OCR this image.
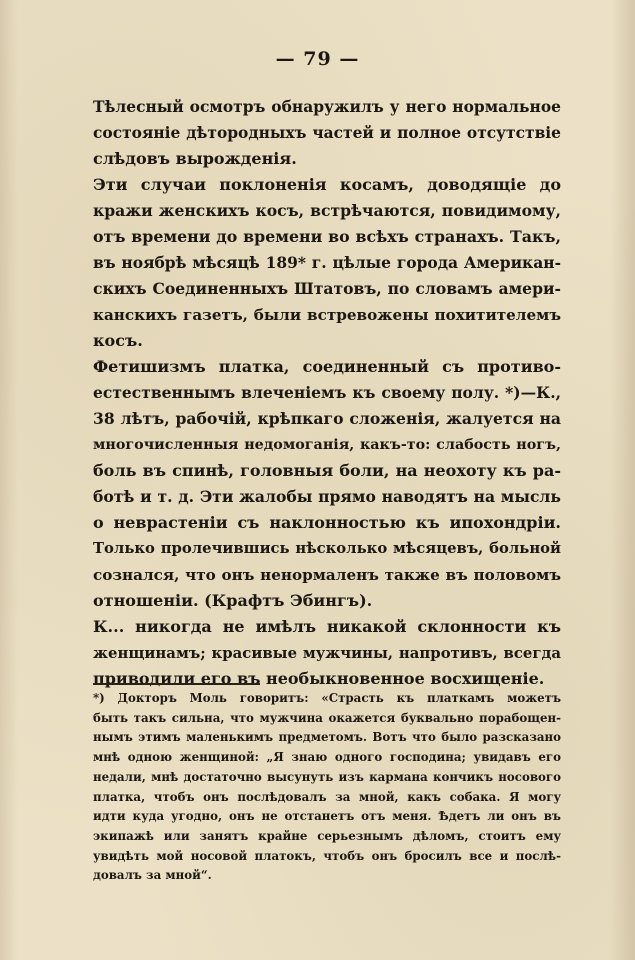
— 79 —
Тѣлесный осмотръ обнаружилъ у него нормальное
состояніе дѣтородныхъ частей и полное отсутствіе
слѣдовъ вырожденія.
Эти случаи поклоненія косамъ, доводящіе до
кражи женскихъ косъ, встрѣчаются, повидимому,
отъ времени до времени во всѣхъ странахъ. Такъ,
въ ноябрѣ мѣсяцѣ 189* г. цѣлые города Американ-
скихъ Соединенныхъ Штатовъ, по словамъ амери-
канскихъ газетъ, были встревожены похитителемъ
косъ.
Фетишизмъ платка, соединенный съ противо-
естественнымъ влеченіемъ къ своему полу. *)—К.,
38 лѣтъ, рабочій, крѣпкаго сложенія, жалуется на
многочисленныя недомоганія, какъ-то: слабость ногъ,
боль въ спинѣ, головныя боли, на неохоту къ ра-
ботѣ и т. д. Эти жалобы прямо наводятъ на мысль
о неврастеніи съ наклонностью къ ипохондріи.
Только пролечившись нѣсколько мѣсяцевъ, больной
сознался, что онъ ненормаленъ также въ половомъ
отношеніи. (Крафтъ Эбингъ).
К... никогда не имѣлъ никакой склонности къ
женщинамъ; красивые мужчины, напротивъ, всегда
приводили его въ необыкновенное восхищеніе.
*) Докторъ Моль говоритъ: «Страсть къ платкамъ можетъ
быть такъ сильна, что мужчина окажется буквально порабощен-
нымъ этимъ маленькимъ предметомъ. Вотъ что было разсказано
мнѣ одною женщиной: „Я знаю одного господина; увидавъ его
недали, мнѣ достаточно высунуть изъ кармана кончикъ носового
платка, чтобъ онъ послѣдовалъ за мной, какъ собака. Я могу
идти куда угодно, онъ не отстанетъ отъ меня. Ѣдетъ ли онъ въ
экипажѣ или занятъ крайне серьезнымъ дѣломъ, стоитъ ему
увидѣть мой носовой платокъ, чтобъ онъ бросилъ все и послѣ-
довалъ за мной“.
